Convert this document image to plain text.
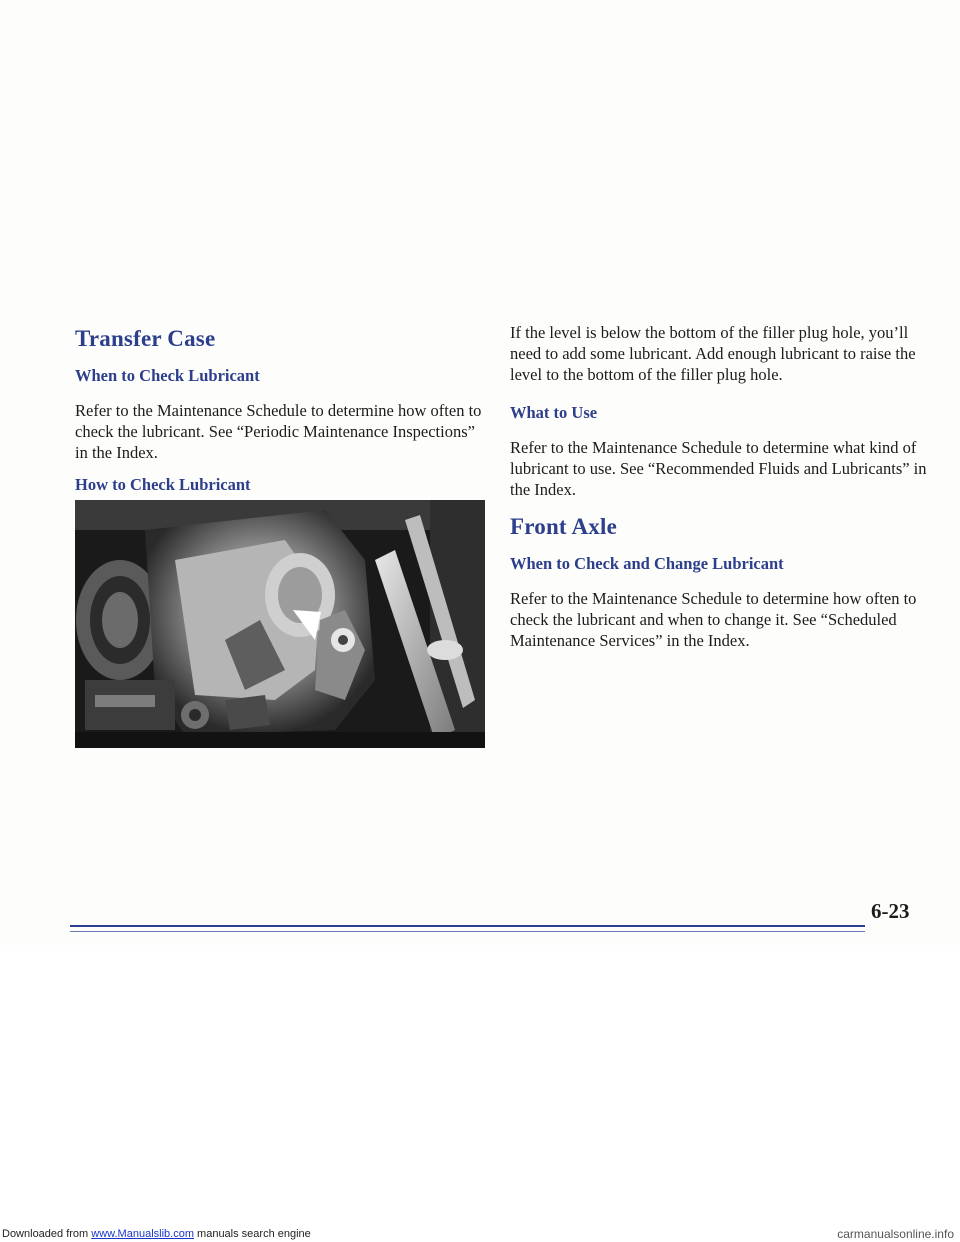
Transfer Case
When to Check Lubricant

Refer to the Maintenance Schedule to determine how often to check the lubricant. See “Periodic Maintenance Inspections” in the Index.

How to Check Lubricant

If the level is below the bottom of the filler plug hole, you’ll need to add some lubricant. Add enough lubricant to raise the level to the bottom of the filler plug hole.

What to Use

Refer to the Maintenance Schedule to determine what kind of lubricant to use. See “Recommended Fluids and Lubricants” in the Index.

Front Axle
When to Check and Change Lubricant

Refer to the Maintenance Schedule to determine how often to check the lubricant and when to change it. See “Scheduled Maintenance Services” in the Index.

6-23
Downloaded from www.Manualslib.com manuals search engine	carmanualsonline.info
